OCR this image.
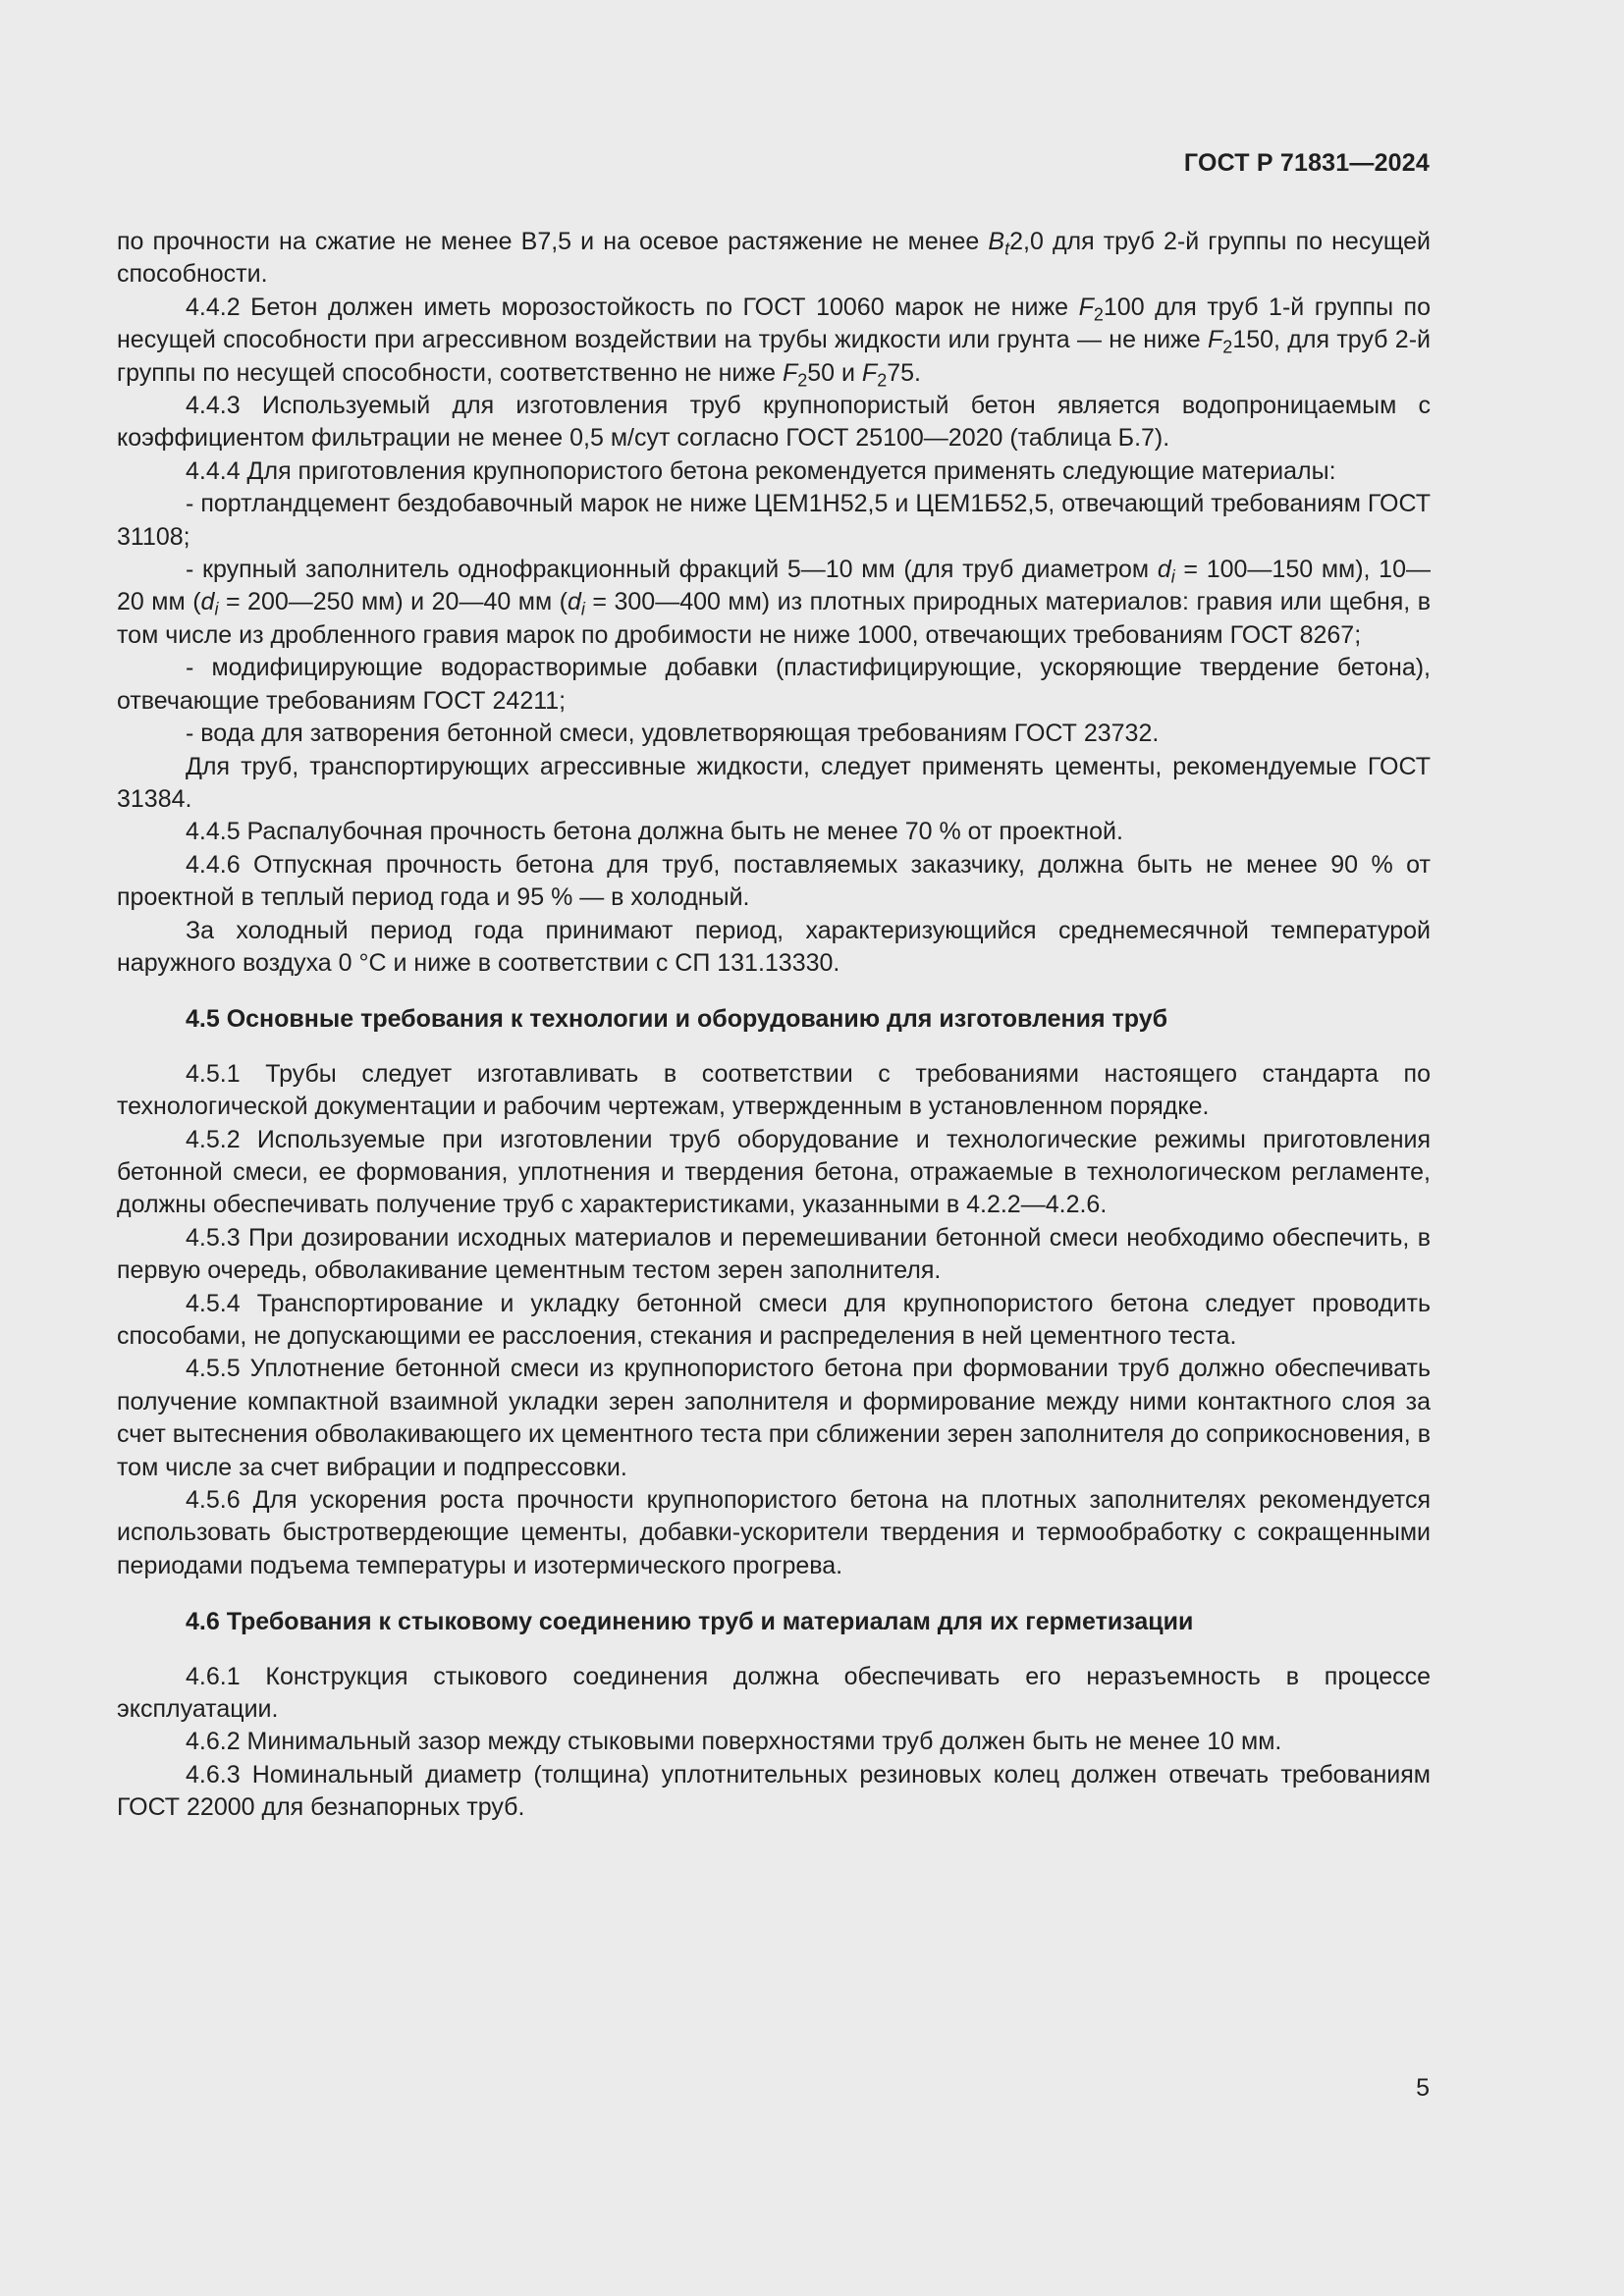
ГОСТ Р 71831—2024

по прочности на сжатие не менее В7,5 и на осевое растяжение не менее $B_t2,0$ для труб 2-й группы по несущей способности.

4.4.2 Бетон должен иметь морозостойкость по ГОСТ 10060 марок не ниже $F_2100$ для труб 1-й группы по несущей способности при агрессивном воздействии на трубы жидкости или грунта — не ниже $F_2150$, для труб 2-й группы по несущей способности, соответственно не ниже $F_250$ и $F_275$.

4.4.3 Используемый для изготовления труб крупнопористый бетон является водопроницаемым с коэффициентом фильтрации не менее 0,5 м/сут согласно ГОСТ 25100—2020 (таблица Б.7).

4.4.4 Для приготовления крупнопористого бетона рекомендуется применять следующие материалы:

- портландцемент бездобавочный марок не ниже ЦЕМ1Н52,5 и ЦЕМ1Б52,5, отвечающий требованиям ГОСТ 31108;

- крупный заполнитель однофракционный фракций 5—10 мм (для труб диаметром $d_i$ = 100—150 мм), 10—20 мм ($d_i$ = 200—250 мм) и 20—40 мм ($d_i$ = 300—400 мм) из плотных природных материалов: гравия или щебня, в том числе из дробленного гравия марок по дробимости не ниже 1000, отвечающих требованиям ГОСТ 8267;

- модифицирующие водорастворимые добавки (пластифицирующие, ускоряющие твердение бетона), отвечающие требованиям ГОСТ 24211;

- вода для затворения бетонной смеси, удовлетворяющая требованиям ГОСТ 23732.

Для труб, транспортирующих агрессивные жидкости, следует применять цементы, рекомендуемые ГОСТ 31384.

4.4.5 Распалубочная прочность бетона должна быть не менее 70 % от проектной.

4.4.6 Отпускная прочность бетона для труб, поставляемых заказчику, должна быть не менее 90 % от проектной в теплый период года и 95 % — в холодный.

За холодный период года принимают период, характеризующийся среднемесячной температурой наружного воздуха 0 °С и ниже в соответствии с СП 131.13330.

4.5 Основные требования к технологии и оборудованию для изготовления труб

4.5.1 Трубы следует изготавливать в соответствии с требованиями настоящего стандарта по технологической документации и рабочим чертежам, утвержденным в установленном порядке.

4.5.2 Используемые при изготовлении труб оборудование и технологические режимы приготовления бетонной смеси, ее формования, уплотнения и твердения бетона, отражаемые в технологическом регламенте, должны обеспечивать получение труб с характеристиками, указанными в 4.2.2—4.2.6.

4.5.3 При дозировании исходных материалов и перемешивании бетонной смеси необходимо обеспечить, в первую очередь, обволакивание цементным тестом зерен заполнителя.

4.5.4 Транспортирование и укладку бетонной смеси для крупнопористого бетона следует проводить способами, не допускающими ее расслоения, стекания и распределения в ней цементного теста.

4.5.5 Уплотнение бетонной смеси из крупнопористого бетона при формовании труб должно обеспечивать получение компактной взаимной укладки зерен заполнителя и формирование между ними контактного слоя за счет вытеснения обволакивающего их цементного теста при сближении зерен заполнителя до соприкосновения, в том числе за счет вибрации и подпрессовки.

4.5.6 Для ускорения роста прочности крупнопористого бетона на плотных заполнителях рекомендуется использовать быстротвердеющие цементы, добавки-ускорители твердения и термообработку с сокращенными периодами подъема температуры и изотермического прогрева.

4.6 Требования к стыковому соединению труб и материалам для их герметизации

4.6.1 Конструкция стыкового соединения должна обеспечивать его неразъемность в процессе эксплуатации.

4.6.2 Минимальный зазор между стыковыми поверхностями труб должен быть не менее 10 мм.

4.6.3 Номинальный диаметр (толщина) уплотнительных резиновых колец должен отвечать требованиям ГОСТ 22000 для безнапорных труб.

5
